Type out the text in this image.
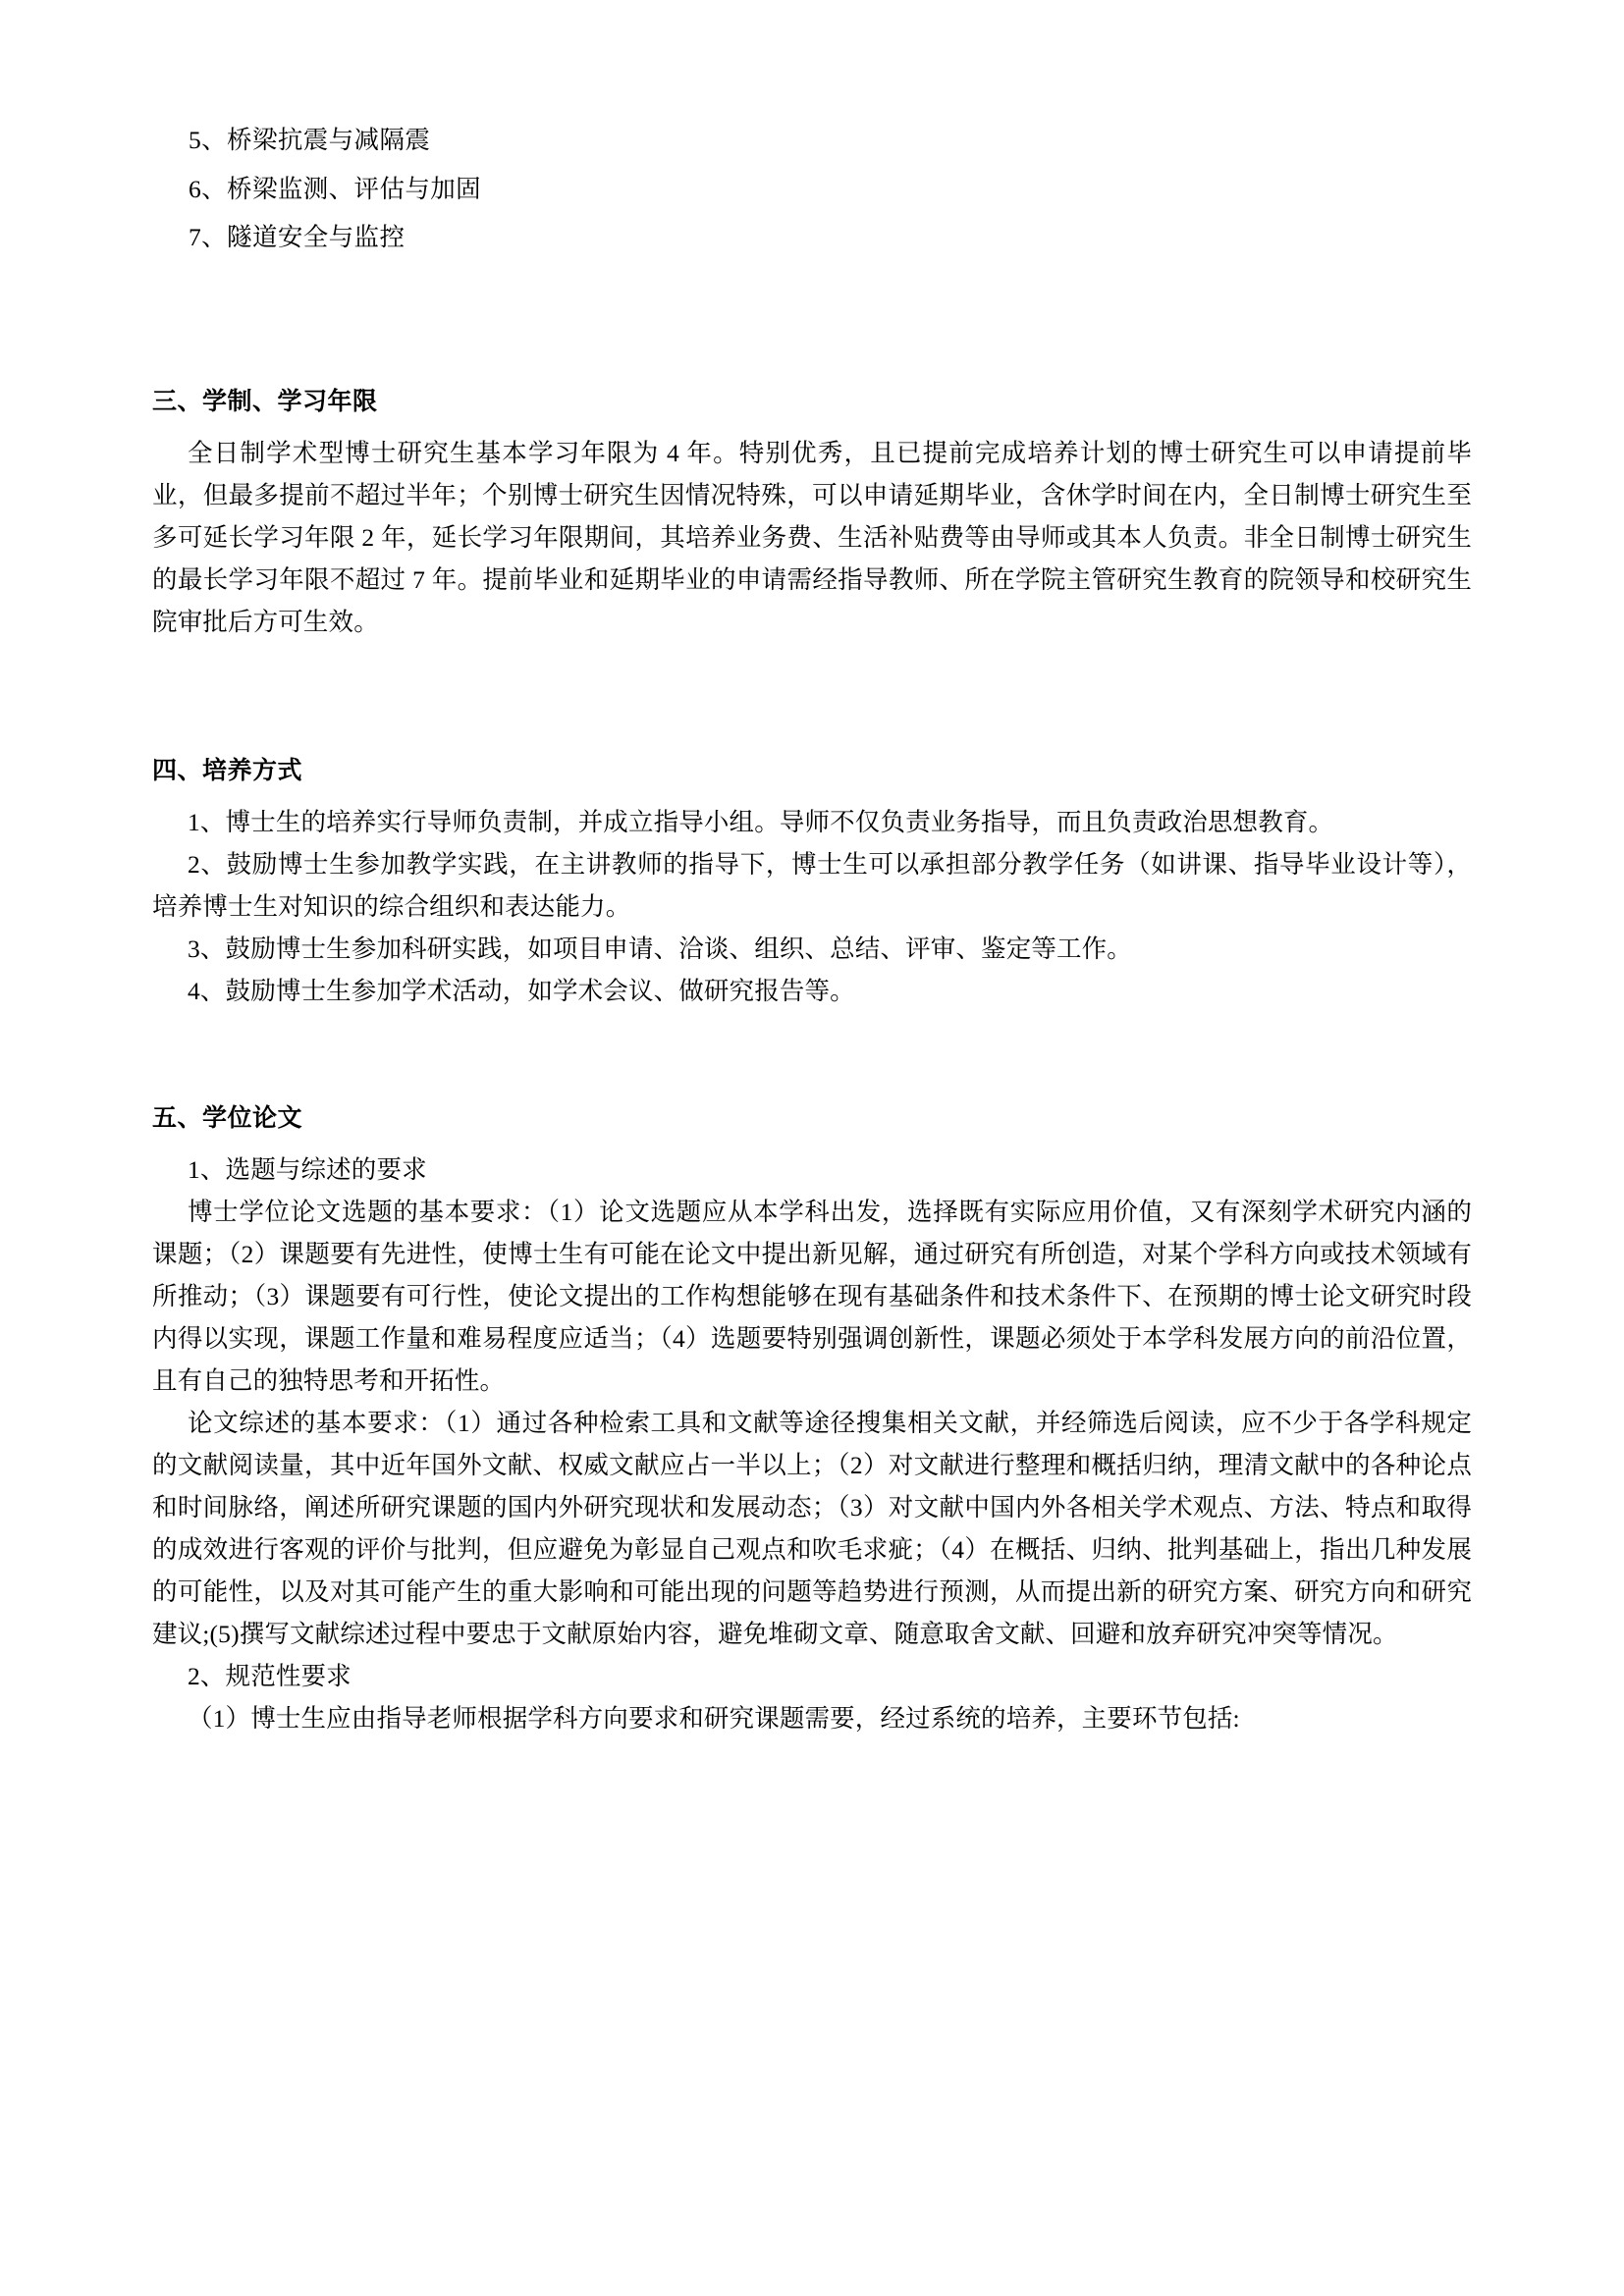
5、桥梁抗震与减隔震
6、桥梁监测、评估与加固
7、隧道安全与监控
三、学制、学习年限

全日制学术型博士研究生基本学习年限为 4 年。特别优秀，且已提前完成培养计划的博士研究生可以申请提前毕业，但最多提前不超过半年；个别博士研究生因情况特殊，可以申请延期毕业，含休学时间在内，全日制博士研究生至多可延长学习年限 2 年，延长学习年限期间，其培养业务费、生活补贴费等由导师或其本人负责。非全日制博士研究生的最长学习年限不超过 7 年。提前毕业和延期毕业的申请需经指导教师、所在学院主管研究生教育的院领导和校研究生院审批后方可生效。

四、培养方式

1、博士生的培养实行导师负责制，并成立指导小组。导师不仅负责业务指导，而且负责政治思想教育。

2、鼓励博士生参加教学实践，在主讲教师的指导下，博士生可以承担部分教学任务（如讲课、指导毕业设计等），培养博士生对知识的综合组织和表达能力。

3、鼓励博士生参加科研实践，如项目申请、洽谈、组织、总结、评审、鉴定等工作。

4、鼓励博士生参加学术活动，如学术会议、做研究报告等。

五、学位论文

1、选题与综述的要求

博士学位论文选题的基本要求：（1）论文选题应从本学科出发，选择既有实际应用价值，又有深刻学术研究内涵的课题；（2）课题要有先进性，使博士生有可能在论文中提出新见解，通过研究有所创造，对某个学科方向或技术领域有所推动；（3）课题要有可行性，使论文提出的工作构想能够在现有基础条件和技术条件下、在预期的博士论文研究时段内得以实现，课题工作量和难易程度应适当；（4）选题要特别强调创新性，课题必须处于本学科发展方向的前沿位置，且有自己的独特思考和开拓性。

论文综述的基本要求：（1）通过各种检索工具和文献等途径搜集相关文献，并经筛选后阅读，应不少于各学科规定的文献阅读量，其中近年国外文献、权威文献应占一半以上；（2）对文献进行整理和概括归纳，理清文献中的各种论点和时间脉络，阐述所研究课题的国内外研究现状和发展动态；（3）对文献中国内外各相关学术观点、方法、特点和取得的成效进行客观的评价与批判，但应避免为彰显自己观点和吹毛求疵；（4）在概括、归纳、批判基础上，指出几种发展的可能性，以及对其可能产生的重大影响和可能出现的问题等趋势进行预测，从而提出新的研究方案、研究方向和研究建议;(5)撰写文献综述过程中要忠于文献原始内容，避免堆砌文章、随意取舍文献、回避和放弃研究冲突等情况。

2、规范性要求

（1）博士生应由指导老师根据学科方向要求和研究课题需要，经过系统的培养，主要环节包括:
